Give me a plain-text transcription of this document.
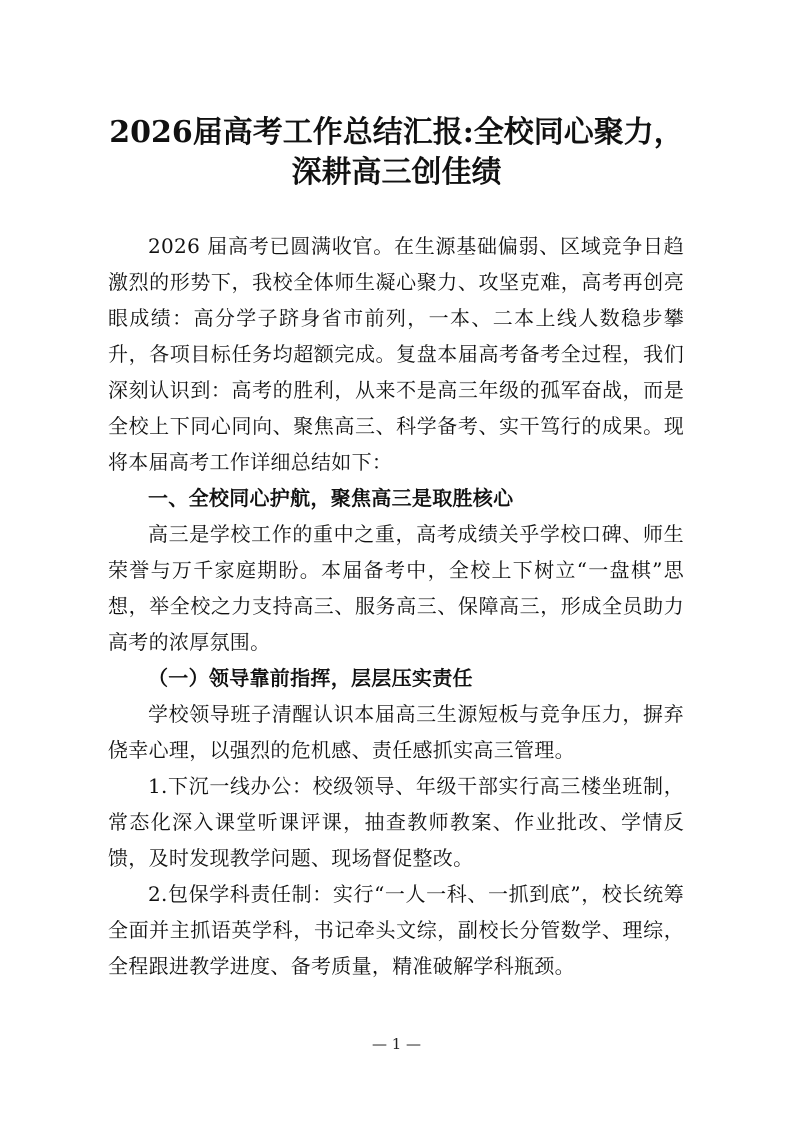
2026届高考工作总结汇报:全校同心聚力，
深耕高三创佳绩

2026 届高考已圆满收官。在生源基础偏弱、区域竞争日趋激烈的形势下，我校全体师生凝心聚力、攻坚克难，高考再创亮眼成绩：高分学子跻身省市前列，一本、二本上线人数稳步攀升，各项目标任务均超额完成。复盘本届高考备考全过程，我们深刻认识到：高考的胜利，从来不是高三年级的孤军奋战，而是全校上下同心同向、聚焦高三、科学备考、实干笃行的成果。现将本届高考工作详细总结如下：

一、全校同心护航，聚焦高三是取胜核心

高三是学校工作的重中之重，高考成绩关乎学校口碑、师生荣誉与万千家庭期盼。本届备考中，全校上下树立“一盘棋”思想，举全校之力支持高三、服务高三、保障高三，形成全员助力高考的浓厚氛围。

（一）领导靠前指挥，层层压实责任

学校领导班子清醒认识本届高三生源短板与竞争压力，摒弃侥幸心理，以强烈的危机感、责任感抓实高三管理。

1.下沉一线办公：校级领导、年级干部实行高三楼坐班制，常态化深入课堂听课评课，抽查教师教案、作业批改、学情反馈，及时发现教学问题、现场督促整改。

2.包保学科责任制：实行“一人一科、一抓到底”，校长统筹全面并主抓语英学科，书记牵头文综，副校长分管数学、理综，全程跟进教学进度、备考质量，精准破解学科瓶颈。

— 1 —
